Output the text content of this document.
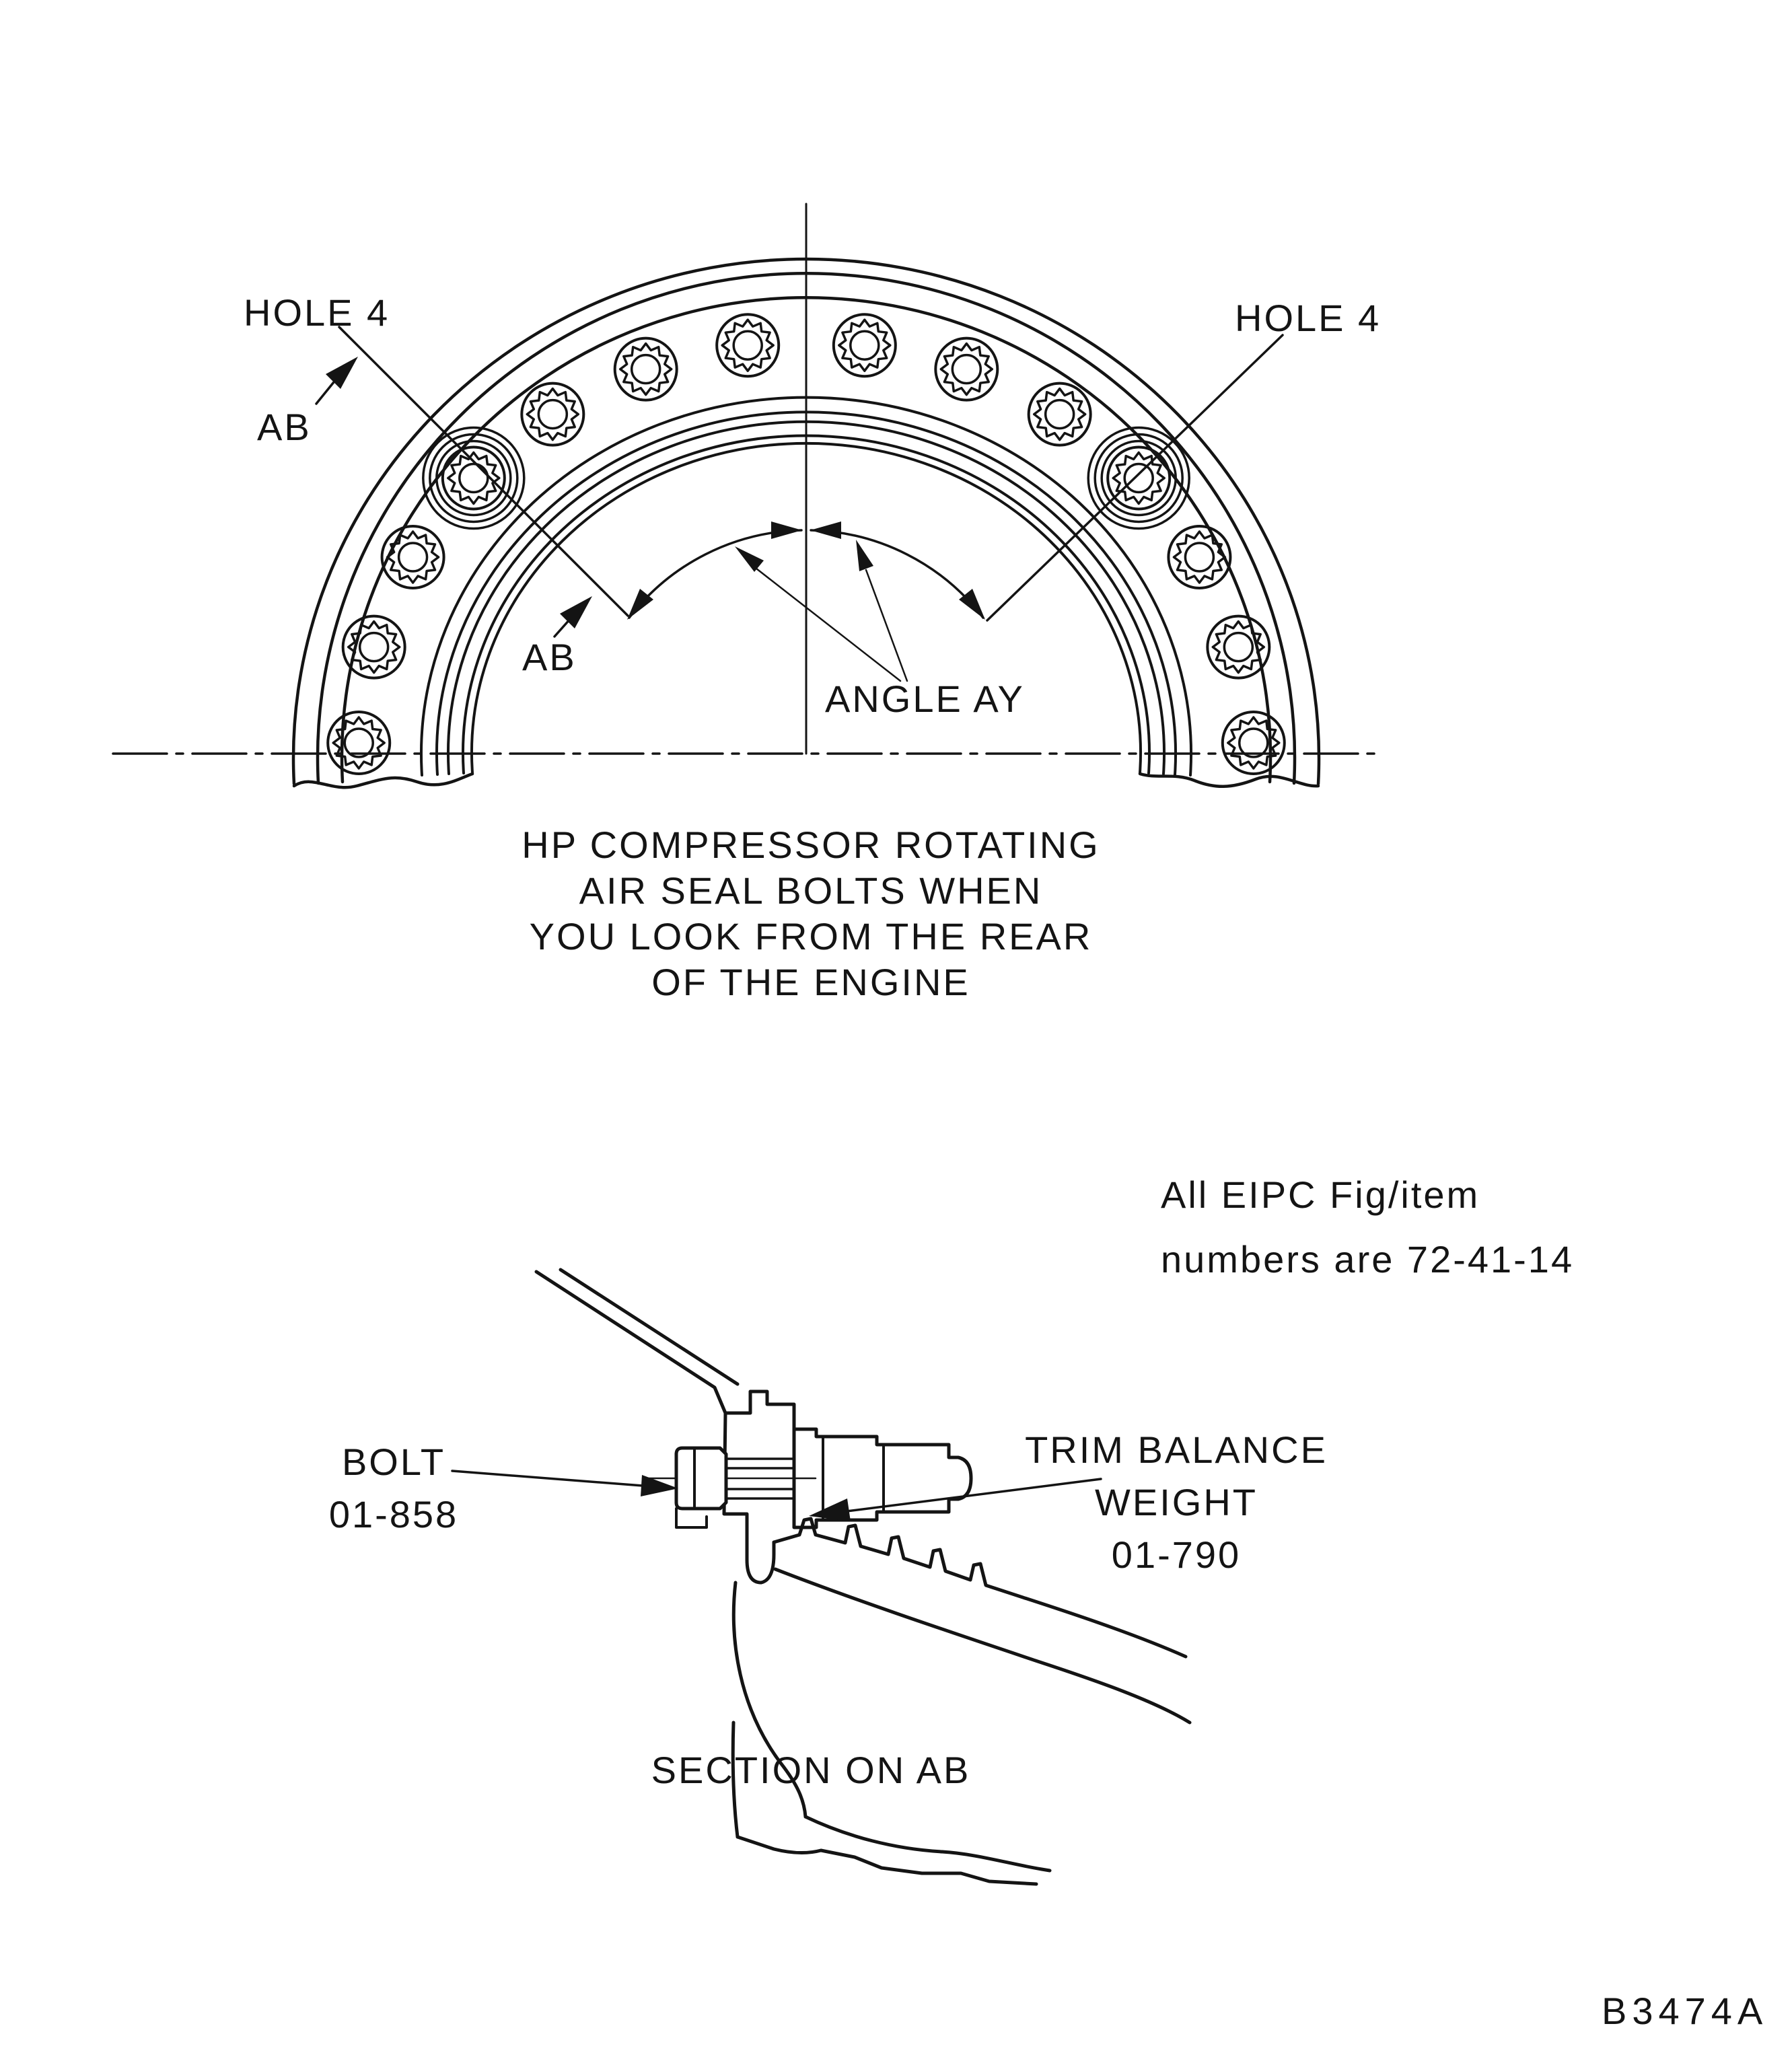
HOLE 4	HOLE 4
AB
AB
ANGLE AY
HP COMPRESSOR ROTATING
AIR SEAL BOLTS WHEN
YOU LOOK FROM THE REAR
OF THE ENGINE
All EIPC Fig/item
numbers are 72-41-14
BOLT
01-858
TRIM BALANCE
WEIGHT
01-790
SECTION ON AB
B3474A
